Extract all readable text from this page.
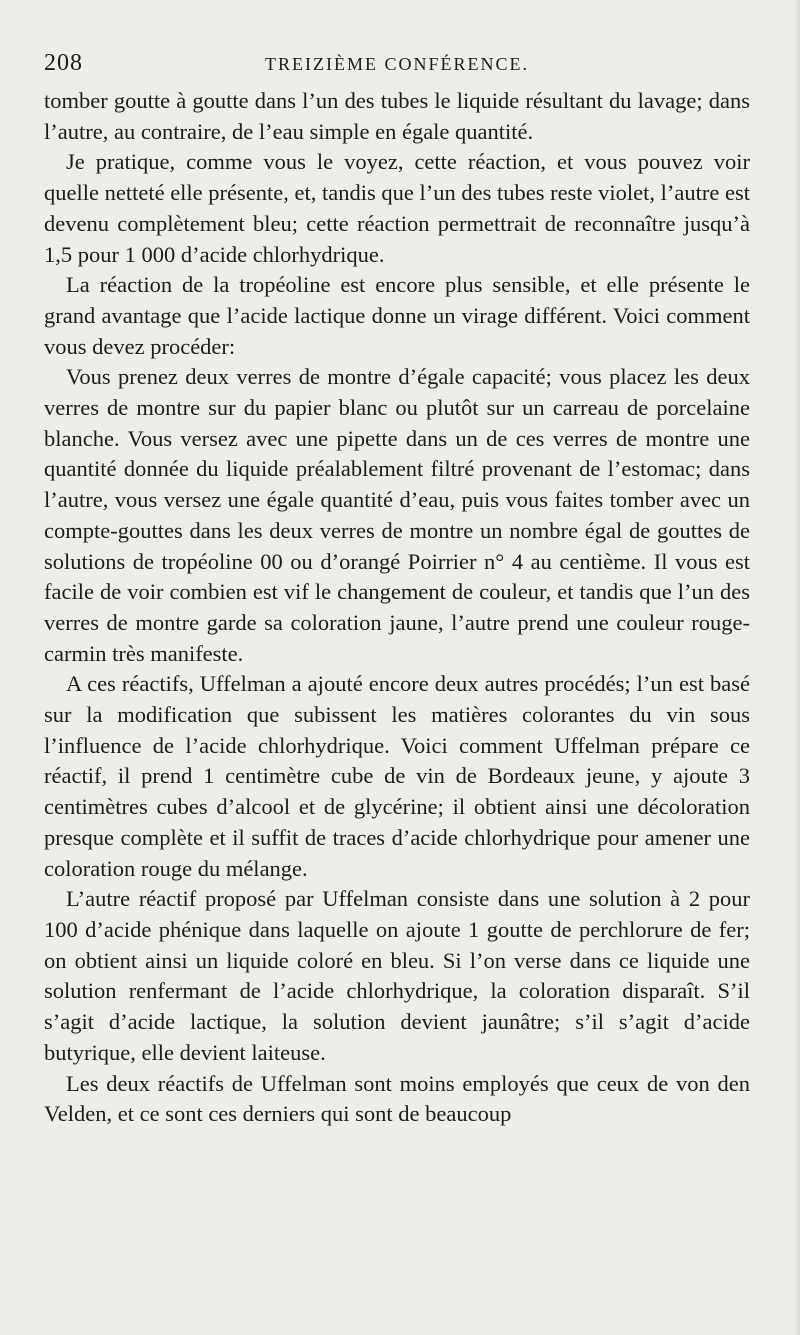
208	TREIZIÈME CONFÉRENCE.

tomber goutte à goutte dans l’un des tubes le liquide résultant du lavage; dans l’autre, au contraire, de l’eau simple en égale quantité.

Je pratique, comme vous le voyez, cette réaction, et vous pouvez voir quelle netteté elle présente, et, tandis que l’un des tubes reste violet, l’autre est devenu complètement bleu; cette réaction permettrait de reconnaître jusqu’à 1,5 pour 1 000 d’acide chlorhydrique.

La réaction de la tropéoline est encore plus sensible, et elle présente le grand avantage que l’acide lactique donne un virage différent. Voici comment vous devez procéder:

Vous prenez deux verres de montre d’égale capacité; vous placez les deux verres de montre sur du papier blanc ou plutôt sur un carreau de porcelaine blanche. Vous versez avec une pipette dans un de ces verres de montre une quantité donnée du liquide préalablement filtré provenant de l’estomac; dans l’autre, vous versez une égale quantité d’eau, puis vous faites tomber avec un compte-gouttes dans les deux verres de montre un nombre égal de gouttes de solutions de tropéoline 00 ou d’orangé Poirrier n° 4 au centième. Il vous est facile de voir combien est vif le changement de couleur, et tandis que l’un des verres de montre garde sa coloration jaune, l’autre prend une couleur rouge-carmin très manifeste.

A ces réactifs, Uffelman a ajouté encore deux autres procédés; l’un est basé sur la modification que subissent les matières colorantes du vin sous l’influence de l’acide chlorhydrique. Voici comment Uffelman prépare ce réactif, il prend 1 centimètre cube de vin de Bordeaux jeune, y ajoute 3 centimètres cubes d’alcool et de glycérine; il obtient ainsi une décoloration presque complète et il suffit de traces d’acide chlorhydrique pour amener une coloration rouge du mélange.

L’autre réactif proposé par Uffelman consiste dans une solution à 2 pour 100 d’acide phénique dans laquelle on ajoute 1 goutte de perchlorure de fer; on obtient ainsi un liquide coloré en bleu. Si l’on verse dans ce liquide une solution renfermant de l’acide chlorhydrique, la coloration disparaît. S’il s’agit d’acide lactique, la solution devient jaunâtre; s’il s’agit d’acide butyrique, elle devient laiteuse.

Les deux réactifs de Uffelman sont moins employés que ceux de von den Velden, et ce sont ces derniers qui sont de beaucoup
